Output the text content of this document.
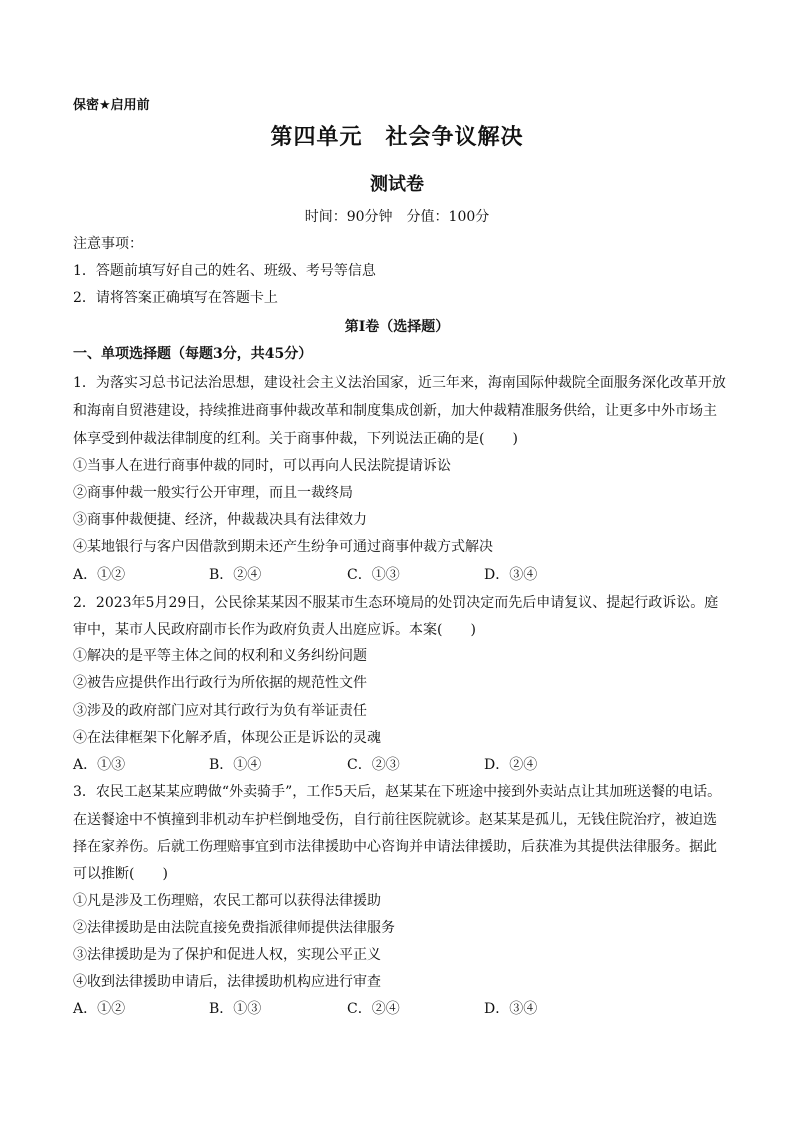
保密★启用前
第四单元　社会争议解决
测试卷
时间：90分钟　分值：100分
注意事项：
1．答题前填写好自己的姓名、班级、考号等信息
2．请将答案正确填写在答题卡上
第Ⅰ卷（选择题）
一、单项选择题（每题3分，共45分）
1．为落实习总书记法治思想，建设社会主义法治国家，近三年来，海南国际仲裁院全面服务深化改革开放
和海南自贸港建设，持续推进商事仲裁改革和制度集成创新，加大仲裁精准服务供给，让更多中外市场主
体享受到仲裁法律制度的红利。关于商事仲裁，下列说法正确的是(　　)
①当事人在进行商事仲裁的同时，可以再向人民法院提请诉讼
②商事仲裁一般实行公开审理，而且一裁终局
③商事仲裁便捷、经济，仲裁裁决具有法律效力
④某地银行与客户因借款到期未还产生纷争可通过商事仲裁方式解决
A．①②	B．②④	C．①③	D．③④
2．2023年5月29日，公民徐某某因不服某市生态环境局的处罚决定而先后申请复议、提起行政诉讼。庭
审中，某市人民政府副市长作为政府负责人出庭应诉。本案(　　)
①解决的是平等主体之间的权利和义务纠纷问题
②被告应提供作出行政行为所依据的规范性文件
③涉及的政府部门应对其行政行为负有举证责任
④在法律框架下化解矛盾，体现公正是诉讼的灵魂
A．①③	B．①④	C．②③	D．②④
3．农民工赵某某应聘做“外卖骑手”，工作5天后，赵某某在下班途中接到外卖站点让其加班送餐的电话。
在送餐途中不慎撞到非机动车护栏倒地受伤，自行前往医院就诊。赵某某是孤儿，无钱住院治疗，被迫选
择在家养伤。后就工伤理赔事宜到市法律援助中心咨询并申请法律援助，后获准为其提供法律服务。据此
可以推断(　　)
①凡是涉及工伤理赔，农民工都可以获得法律援助
②法律援助是由法院直接免费指派律师提供法律服务
③法律援助是为了保护和促进人权，实现公平正义
④收到法律援助申请后，法律援助机构应进行审查
A．①②	B．①③	C．②④	D．③④
